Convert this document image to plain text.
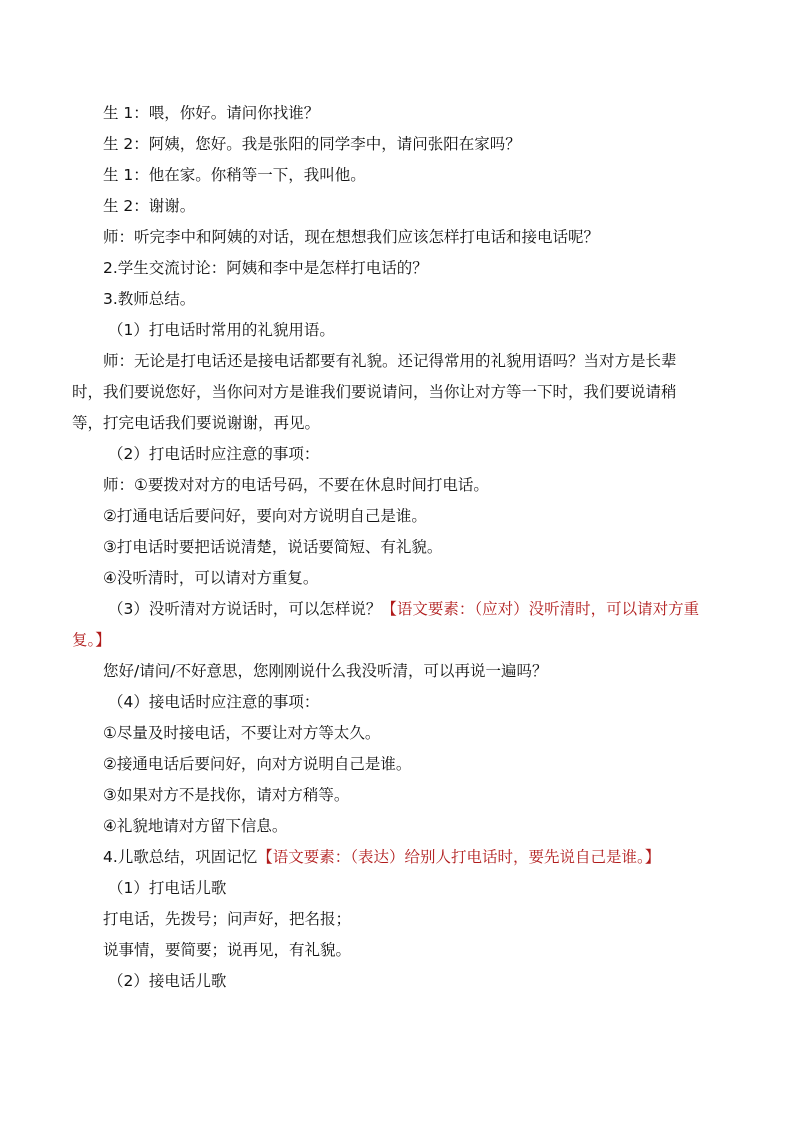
生 1：喂，你好。请问你找谁？
生 2：阿姨，您好。我是张阳的同学李中，请问张阳在家吗？
生 1：他在家。你稍等一下，我叫他。
生 2：谢谢。
师：听完李中和阿姨的对话，现在想想我们应该怎样打电话和接电话呢？
2.学生交流讨论：阿姨和李中是怎样打电话的？
3.教师总结。
（1）打电话时常用的礼貌用语。
师：无论是打电话还是接电话都要有礼貌。还记得常用的礼貌用语吗？当对方是长辈
时，我们要说您好，当你问对方是谁我们要说请问，当你让对方等一下时，我们要说请稍
等，打完电话我们要说谢谢，再见。
（2）打电话时应注意的事项：
师：①要拨对对方的电话号码，不要在休息时间打电话。
②打通电话后要问好，要向对方说明自己是谁。
③打电话时要把话说清楚，说话要简短、有礼貌。
④没听清时，可以请对方重复。
（3）没听清对方说话时，可以怎样说？【语文要素：（应对）没听清时，可以请对方重
复。】
您好/请问/不好意思，您刚刚说什么我没听清，可以再说一遍吗？
（4）接电话时应注意的事项：
①尽量及时接电话，不要让对方等太久。
②接通电话后要问好，向对方说明自己是谁。
③如果对方不是找你，请对方稍等。
④礼貌地请对方留下信息。
4.儿歌总结，巩固记忆【语文要素：（表达）给别人打电话时，要先说自己是谁。】
（1）打电话儿歌
打电话，先拨号；问声好，把名报；
说事情，要简要；说再见，有礼貌。
（2）接电话儿歌
